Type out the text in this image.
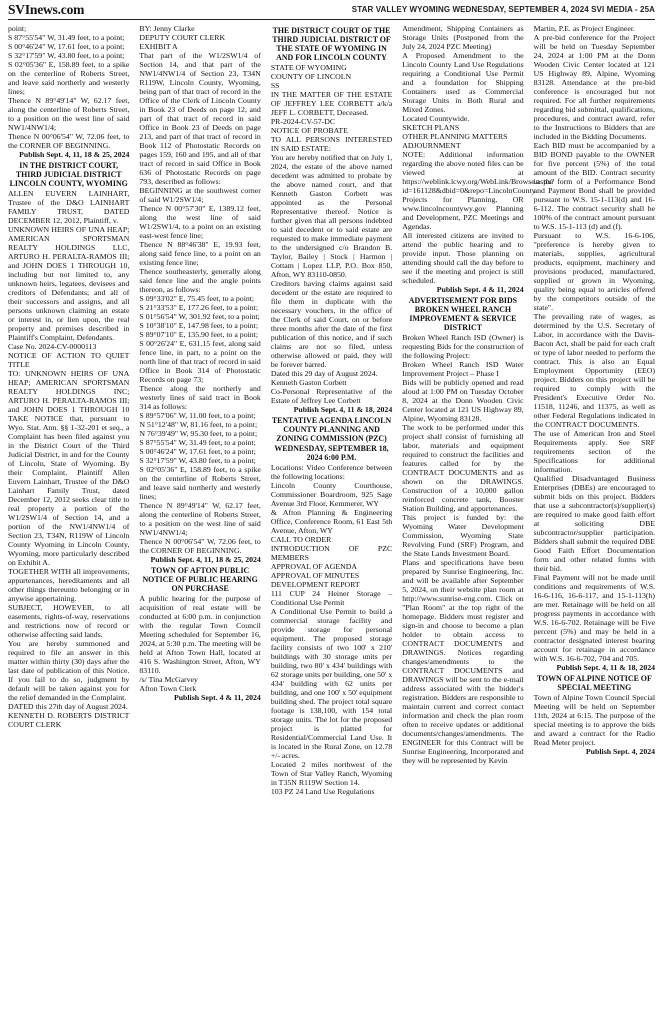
SVInews.com	STAR VALLEY WYOMING WEDNESDAY, SEPTEMBER 4, 2024 SVI MEDIA - 25A

point;

S 87°55'54" W, 31.49 feet, to a point;

S 00°46'24" W, 17.61 feet, to a point;

S 32°17'59" W, 43.80 feet, to a point;

S 02°05'36" E, 158.89 feet, to a spike on the centerline of Roberts Street, and leave said northerly and westerly lines;

Thence N 89°49'14" W, 62.17 feet, along the centerline of Roberts Street, to a position on the west line of said NW1/4NW1/4;

Thence N 00°06'54" W, 72.06 feet, to the CORNER OF BEGINNING.

Publish Sept. 4, 11, 18 & 25, 2024

IN THE DISTRICT COURT, THIRD JUDICIAL DISTRICT LINCOLN COUNTY, WYOMING

ALLEN EUVERN LAINHART, Trustee of the D&O LAINHART FAMILY TRUST, DATED DECEMBER 12, 2012, Plaintiff, v.

UNKNOWN HEIRS OF UNA HEAP; AMERICAN SPORTSMAN REALTY HOLDINGS LLC, ARTURO H. PERALTA-RAMOS III; and JOHN DOES 1 THROUGH 10, including but not limited to, any unknown heirs, legatees, devisees and creditors of Defendants; and all of their successors and assigns, and all persons unknown claiming an estate or interest in, or lien upon, the real property and premises described in Plaintiff's Complaint, Defendants.

Case No. 2024-CV-0000113

NOTICE OF ACTION TO QUIET TITLE

TO: UNKNOWN HEIRS OF UNA HEAP; AMERICAN SPORTSMAN REALTY HOLDINGS INC; ARTURO H. PERALTA-RAMOS III; and JOHN DOES 1 THROUGH 10 TAKE NOTICE that, pursuant to Wyo. Stat. Ann. §§ 1-32-201 et seq., a Complaint has been filed against you in the District Court of the Third Judicial District, in and for the County of Lincoln, State of Wyoming. By their Complaint, Plaintiff Allen Euvern Lainhart, Trustee of the D&O Lainhart Family Trust, dated December 12, 2012 seeks clear title to real property a portion of the W1/2SW1/4 of Section 14, and a portion of the NW1/4NW1/4 of Section 23, T34N, R119W of Lincoln County Wyoming in Lincoln County, Wyoming, more particularly described on Exhibit A.

TOGETHER WITH all improvements, appurtenances, hereditaments and all other things thereunto belonging or in anywise appertaining.

SUBJECT, HOWEVER, to all easements, rights-of-way, reservations and restrictions now of record or otherwise affecting said lands.

You are hereby summoned and required to file an answer in this matter within thirty (30) days after the last date of publication of this Notice. If you fail to do so, judgment by default will be taken against you for the relief demanded in the Complaint.

DATED this 27th day of August 2024.

KENNETH D. ROBERTS DISTRICT COURT CLERK

BY: Jenny Clarke

DEPUTY COURT CLERK

EXHIBIT A

That part of the W1/2SW1/4 of Section 14, and that part of the NW1/4NW1/4 of Section 23, T34N R119W, Lincoln County, Wyoming, being part of that tract of record in the Office of the Clerk of Lincoln County in Book 23 of Deeds on page 12, and part of that tract of record in said Office in Book 23 of Deeds on page 213, and part of that tract of record in Book 112 of Photostatic Records on pages 159, 160 and 195, and all of that tract of record in said Office in Book 636 of Photostatic Records on page 793, described as follows:

BEGINNING at the southwest corner of said W1/2SW1/4;

Thence N 00°57'30" E, 1389.12 feet, along the west line of said W1/2SW1/4, to a point on an existing east-west fence line;

Thence N 88°46'38" E, 19.93 feet, along said fence line, to a point on an existing fence line;

Thence southeasterly, generally along said fence line and the angle points thereon, as follows:

S 09°33'02" E, 75.45 feet, to a point;

S 21°33'53" E, 177.26 feet, to a point;

S 01°56'54" W, 301.92 feet, to a point;

S 10°38'10" E, 147.98 feet, to a point;

S 89°07'10" E, 135.90 feet, to a point;

S 00°26'24" E, 631.15 feet, along said fence line, in part, to a point on the north line of that tract of record in said Office in Book 314 of Photostatic Records on page 73;

Thence along the northerly and westerly lines of said tract in Book 314 as follows:

S 89°57'06" W, 11.00 feet, to a point;

N 51°12'48" W, 81.16 feet, to a point;

N 76°39'49" W, 95.30 feet, to a point;

S 87°55'54" W, 31.49 feet, to a point;

S 00°46'24" W, 17.61 feet, to a point;

S 32°17'59" W, 43.80 feet, to a point;

S 02°05'36" E, 158.89 feet, to a spike on the centerline of Roberts Street, and leave said northerly and westerly lines;

Thence N 89°49'14" W, 62.17 feet, along the centerline of Roberts Street, to a position on the west line of said NW1/4NW1/4;

Thence N 00°06'54" W, 72.06 feet, to the CORNER OF BEGINNING.

Publish Sept. 4, 11, 18 & 25, 2024

TOWN OF AFTON PUBLIC NOTICE OF PUBLIC HEARING ON PURCHASE

A public hearing for the purpose of acquisition of real estate will be conducted at 6:00 p.m. in conjunction with the regular Town Council Meeting scheduled for September 16, 2024, at 5:30 p.m. The meeting will be held at Afton Town Hall, located at 416 S. Washington Street, Afton, WY 83110.

/s/ Tina McGarvey

Afton Town Clerk

Publish Sept. 4 & 11, 2024

THE DISTRICT COURT OF THE THIRD JUDICIAL DISTRICT OF THE STATE OF WYOMING IN AND FOR LINCOLN COUNTY

STATE OF WYOMING

COUNTY OF LINCOLN

SS

IN THE MATTER OF THE ESTATE OF JEFFREY LEE CORBETT a/k/a JEFF L. CORBETT, Deceased.

PR-2024-CV-57-DC

NOTICE OF PROBATE

TO ALL PERSONS INTERESTED IN SAID ESTATE:

You are hereby notified that on July 1, 2024, the estate of the above named decedent was admitted to probate by the above named court, and that Kenneth Gaston Corbett was appointed as the Personal Representative thereof. Notice is further given that all persons indebted to said decedent or to said estate are requested to make immediate payment to the undersigned c/o Brandon B. Taylor, Bailey | Stock | Harmon | Cottam | Lopez LLP, P.O. Box 850, Afton, WY 83110-0850.

Creditors having claims against said decedent or the estate are required to file them in duplicate with the necessary vouchers, in the office of the Clerk of said Court, on or before three months after the date of the first publication of this notice, and if such claims are not so filed, unless otherwise allowed or paid, they will be forever barred.

Dated this 29 day of August 2024.

Kenneth Gaston Corbett

Co-Personal Representative of the Estate of Jeffrey Lee Corbett

Publish Sept. 4, 11 & 18, 2024

TENTATIVE AGENDA LINCOLN COUNTY PLANNING AND ZONING COMMISSION (PZC) WEDNESDAY, SEPTEMBER 18, 2024 6:00 P.M.

Locations: Video Conference between the following locations:

Lincoln County Courthouse, Commissioner Boardroom, 925 Sage Avenue 3rd Floor, Kemmerer, WY

& Afton Planning & Engineering Office, Conference Room, 61 East 5th Avenue, Afton, WY

CALL TO ORDER

INTRODUCTION OF PZC MEMBERS

APPROVAL OF AGENDA

APPROVAL OF MINUTES

DEVELOPMENT REPORT

111 CUP 24 Heiner Storage – Conditional Use Permit

A Conditional Use Permit to build a commercial storage facility and provide storage for personal equipment. The proposed storage facility consists of two 100' x 210' buildings with 30 storage units per building, two 80' x 434' buildings with 62 storage units per building, one 50' x 434' building with 62 units per building, and one 100' x 50' equipment building shed. The project total square footage is 138,100, with 154 total storage units. The lot for the proposed project is platted for Residential/Commercial Land Use. It is located in the Rural Zone, on 12.78 +/- acres.

Located 2 miles northwest of the Town of Star Valley Ranch, Wyoming in T35N R119W Section 14.

103 PZ 24 Land Use Regulations

Amendment, Shipping Containers as Storage Units (Postponed from the July 24, 2024 PZC Meeting)

A Proposed Amendment to the Lincoln County Land Use Regulations requiring a Conditional Use Permit and a foundation for Shipping Containers used as Commercial Storage Units in Both Rural and Mixed Zones.

Located Countywide.

SKETCH PLANS

OTHER PLANNING MATTERS

ADJOURNMENT

NOTE: Additional information regarding the above noted files can be viewed at https://weblink.lcwy.org/WebLink/Browse.aspx?id=161128&dbid=0&repo=LincolnCounty

Projects for Planning, OR www.lincolncountywy.gov Planning and Development, PZC Meetings and Agendas.

All interested citizens are invited to attend the public hearing and to provide input. Those planning on attending should call the day before to see if the meeting and project is still scheduled.

Publish Sept. 4 & 11, 2024

ADVERTISEMENT FOR BIDS BROKEN WHEEL RANCH IMPROVEMENT & SERVICE DISTRICT

Broken Wheel Ranch ISD (Owner) is requesting Bids for the construction of the following Project:

Broken Wheel Ranch ISD Water Improvement Project – Phase I

Bids will be publicly opened and read aloud at 1:00 PM on Tuesday October 8, 2024 at the Donn Wooden Civic Center located at 121 US Highway 89, Alpine, Wyoming 83128.

The work to be performed under this project shall consist of furnishing all labor, materials and equipment required to construct the facilities and features called for by the CONTRACT DOCUMENTS and as shown on the DRAWINGS. Construction of a 10,000 gallon reinforced concrete tank, Booster Station Building, and appurtenances.

This project is funded by: the Wyoming Water Development Commission, Wyoming State Revolving Fund (SRF) Program, and the State Lands Investment Board.

Plans and specifications have been prepared by Sunrise Engineering, Inc. and will be available after September 5, 2024, on their website plan room at http://www.sunrise-eng.com. Click on "Plan Room" at the top right of the homepage. Bidders must register and sign-in and choose to become a plan holder to obtain access to CONTRACT DOCUMENTS and DRAWINGS. Notices regarding changes/amendments to the CONTRACT DOCUMENTS and DRAWINGS will be sent to the e-mail address associated with the bidder's registration. Bidders are responsible to maintain current and correct contact information and check the plan room often to receive updates or additional documents/changes/amendments. The ENGINEER for this Contract will be Sunrise Engineering, Incorporated and they will be represented by Kevin

Martin, P.E. as Project Engineer.

A pre-bid conference for the Project will be held on Tuesday September 24, 2024 at 1:00 PM at the Donn Wooden Civic Center located at 121 US Highway 89, Alpine, Wyoming 83128. Attendance at the pre-bid conference is encouraged but not required. For all further requirements regarding bid submittal, qualifications, procedures, and contract award, refer to the Instructions to Bidders that are included in the Bidding Documents.

Each BID must be accompanied by a BID BOND payable to the OWNER for five percent (5%) of the total amount of the BID. Contract security in the form of a Performance Bond and Payment Bond shall be provided pursuant to W.S. 15-1-113(d) and 16-6-112. The contract security shall be 100% of the contract amount pursuant to W.S. 15-1-113 (d) and (f).

Pursuant to W.S. 16-6-106, "preference is hereby given to materials, supplies, agricultural products, equipment, machinery and provisions produced, manufactured, supplied or grown in Wyoming, quality being equal to articles offered by the competitors outside of the state".

The prevailing rate of wages, as determined by the U.S. Secretary of Labor, in accordance with the Davis-Bacon Act, shall be paid for each craft or type of labor needed to perform the contract. This is also an Equal Employment Opportunity (EEO) project. Bidders on this project will be required to comply with the President's Executive Order No. 11518, 11246, and 11375, as well as other Federal Regulations indicated in the CONTRACT DOCUMENTS.

The use of American Iron and Steel Requirements apply. See SRF requirements section of the Specifications for additional information.

Qualified Disadvantaged Business Enterprises (DBEs) are encouraged to submit bids on this project. Bidders that use a subcontractor(s)/supplier(s) are required to make good faith effort at soliciting DBE subcontractor/supplier participation. Bidders shall submit the required DBE Good Faith Effort Documentation form and other related forms with their bid.

Final Payment will not be made until conditions and requirements of W.S. 16-6-116, 16-6-117, and 15-1-113(h) are met. Retainage will be held on all progress payments in accordance with W.S. 16-6-702. Retainage will be Five percent (5%) and may be held in a contractor designated interest bearing account for retainage in accordance with W.S. 16-6-702, 704 and 705.

Publish Sept. 4, 11 & 18, 2024

TOWN OF ALPINE NOTICE OF SPECIAL MEETING

Town of Alpine Town Council Special Meeting will be held on September 11th, 2024 at 6:15. The purpose of the special meeting is to approve the bids and award a contract for the Radio Read Meter project.

Publish Sept. 4, 2024
